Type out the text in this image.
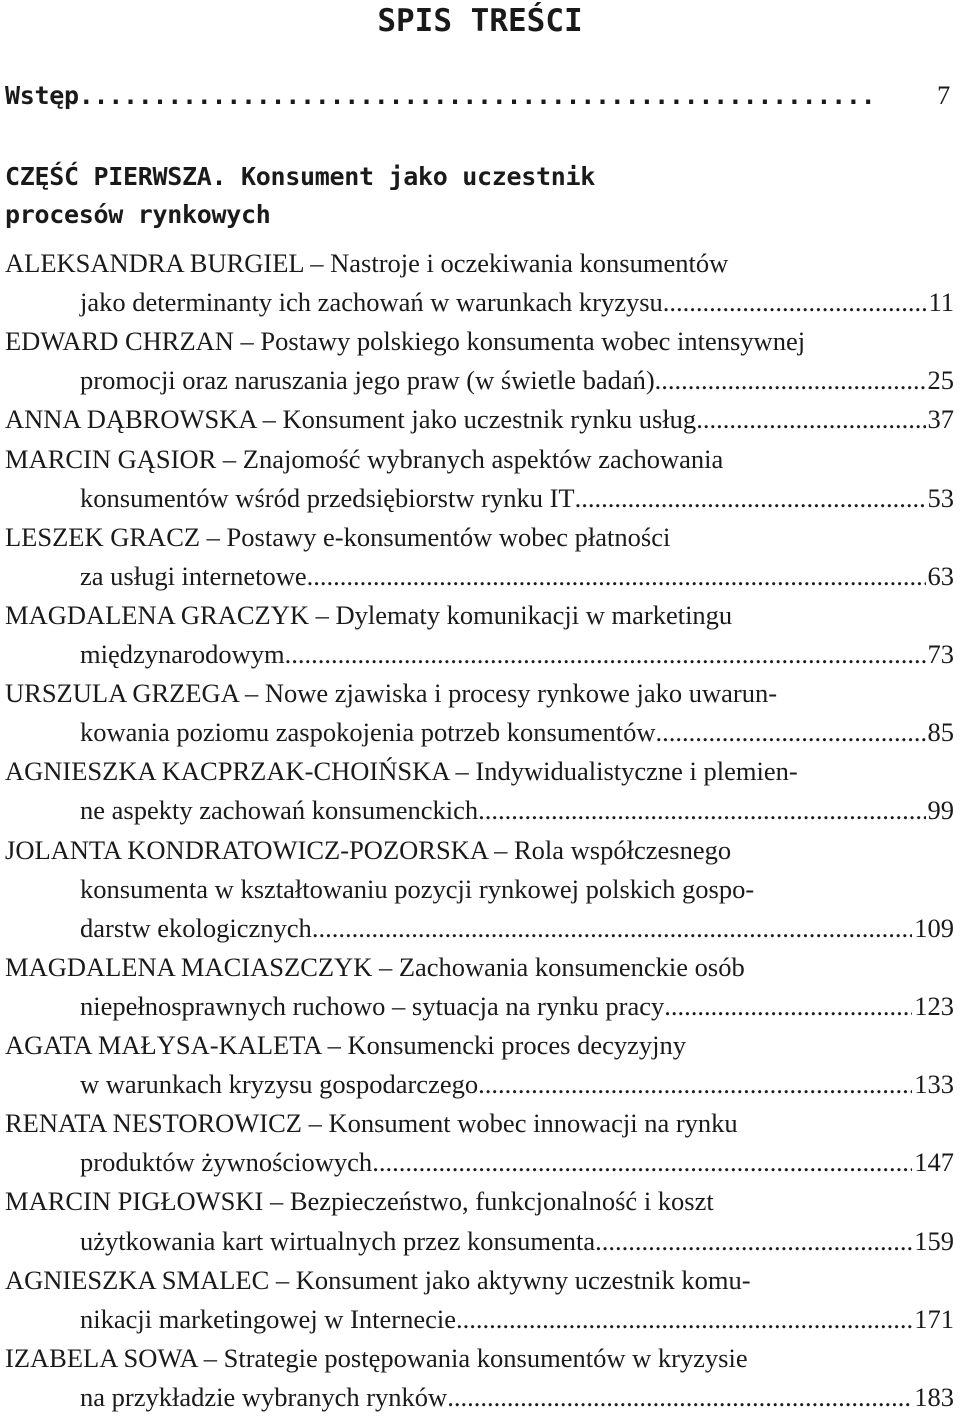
SPIS TREŚCI
Wstęp .....	7
CZĘŚĆ PIERWSZA. Konsument jako uczestnik
procesów rynkowych
ALEKSANDRA BURGIEL – Nastroje i oczekiwania konsumentów
jako determinanty ich zachowań w warunkach kryzysu .....	11
EDWARD CHRZAN – Postawy polskiego konsumenta wobec intensywnej
promocji oraz naruszania jego praw (w świetle badań) .....	25
ANNA DĄBROWSKA – Konsument jako uczestnik rynku usług .....	37
MARCIN GĄSIOR – Znajomość wybranych aspektów zachowania
konsumentów wśród przedsiębiorstw rynku IT .....	53
LESZEK GRACZ – Postawy e-konsumentów wobec płatności
za usługi internetowe .....	63
MAGDALENA GRACZYK – Dylematy komunikacji w marketingu
międzynarodowym .....	73
URSZULA GRZEGA – Nowe zjawiska i procesy rynkowe jako uwarun-
kowania poziomu zaspokojenia potrzeb konsumentów .....	85
AGNIESZKA KACPRZAK-CHOIŃSKA – Indywidualistyczne i plemien-
ne aspekty zachowań konsumenckich .....	99
JOLANTA KONDRATOWICZ-POZORSKA – Rola współczesnego
konsumenta w kształtowaniu pozycji rynkowej polskich gospo-
darstw ekologicznych .....	109
MAGDALENA MACIASZCZYK – Zachowania konsumenckie osób
niepełnosprawnych ruchowo – sytuacja na rynku pracy .....	123
AGATA MAŁYSA-KALETA – Konsumencki proces decyzyjny
w warunkach kryzysu gospodarczego .....	133
RENATA NESTOROWICZ – Konsument wobec innowacji na rynku
produktów żywnościowych .....	147
MARCIN PIGŁOWSKI – Bezpieczeństwo, funkcjonalność i koszt
użytkowania kart wirtualnych przez konsumenta .....	159
AGNIESZKA SMALEC – Konsument jako aktywny uczestnik komu-
nikacji marketingowej w Internecie .....	171
IZABELA SOWA – Strategie postępowania konsumentów w kryzysie
na przykładzie wybranych rynków .....	183
